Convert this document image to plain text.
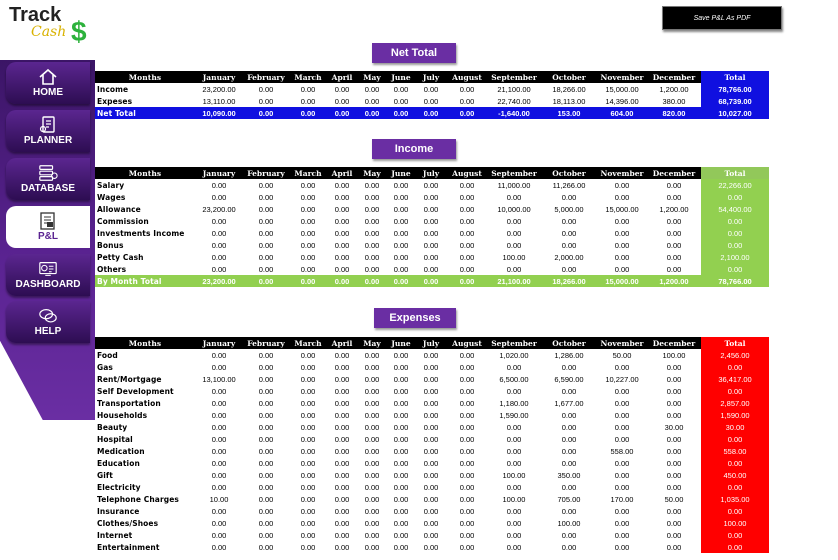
Track
Cash $	Save P&L As PDF
HOME
PLANNER
DATABASE
P&L
DASHBOARD
HELP
Net Total
Months	January	February	March	April	May	June	July	August	September	October	November	December	Total
Income	23,200.00	0.00	0.00	0.00	0.00	0.00	0.00	0.00	21,100.00	18,266.00	15,000.00	1,200.00	78,766.00
Expeses	13,110.00	0.00	0.00	0.00	0.00	0.00	0.00	0.00	22,740.00	18,113.00	14,396.00	380.00	68,739.00
Net Total	10,090.00	0.00	0.00	0.00	0.00	0.00	0.00	0.00	-1,640.00	153.00	604.00	820.00	10,027.00
Income
Months	January	February	March	April	May	June	July	August	September	October	November	December	Total
Salary	0.00	0.00	0.00	0.00	0.00	0.00	0.00	0.00	11,000.00	11,266.00	0.00	0.00	22,266.00
Wages	0.00	0.00	0.00	0.00	0.00	0.00	0.00	0.00	0.00	0.00	0.00	0.00	0.00
Allowance	23,200.00	0.00	0.00	0.00	0.00	0.00	0.00	0.00	10,000.00	5,000.00	15,000.00	1,200.00	54,400.00
Commission	0.00	0.00	0.00	0.00	0.00	0.00	0.00	0.00	0.00	0.00	0.00	0.00	0.00
Investments Income	0.00	0.00	0.00	0.00	0.00	0.00	0.00	0.00	0.00	0.00	0.00	0.00	0.00
Bonus	0.00	0.00	0.00	0.00	0.00	0.00	0.00	0.00	0.00	0.00	0.00	0.00	0.00
Petty Cash	0.00	0.00	0.00	0.00	0.00	0.00	0.00	0.00	100.00	2,000.00	0.00	0.00	2,100.00
Others	0.00	0.00	0.00	0.00	0.00	0.00	0.00	0.00	0.00	0.00	0.00	0.00	0.00
By Month Total	23,200.00	0.00	0.00	0.00	0.00	0.00	0.00	0.00	21,100.00	18,266.00	15,000.00	1,200.00	78,766.00
Expenses
Months	January	February	March	April	May	June	July	August	September	October	November	December	Total
Food	0.00	0.00	0.00	0.00	0.00	0.00	0.00	0.00	1,020.00	1,286.00	50.00	100.00	2,456.00
Gas	0.00	0.00	0.00	0.00	0.00	0.00	0.00	0.00	0.00	0.00	0.00	0.00	0.00
Rent/Mortgage	13,100.00	0.00	0.00	0.00	0.00	0.00	0.00	0.00	6,500.00	6,590.00	10,227.00	0.00	36,417.00
Self Development	0.00	0.00	0.00	0.00	0.00	0.00	0.00	0.00	0.00	0.00	0.00	0.00	0.00
Transportation	0.00	0.00	0.00	0.00	0.00	0.00	0.00	0.00	1,180.00	1,677.00	0.00	0.00	2,857.00
Households	0.00	0.00	0.00	0.00	0.00	0.00	0.00	0.00	1,590.00	0.00	0.00	0.00	1,590.00
Beauty	0.00	0.00	0.00	0.00	0.00	0.00	0.00	0.00	0.00	0.00	0.00	30.00	30.00
Hospital	0.00	0.00	0.00	0.00	0.00	0.00	0.00	0.00	0.00	0.00	0.00	0.00	0.00
Medication	0.00	0.00	0.00	0.00	0.00	0.00	0.00	0.00	0.00	0.00	558.00	0.00	558.00
Education	0.00	0.00	0.00	0.00	0.00	0.00	0.00	0.00	0.00	0.00	0.00	0.00	0.00
Gift	0.00	0.00	0.00	0.00	0.00	0.00	0.00	0.00	100.00	350.00	0.00	0.00	450.00
Electricity	0.00	0.00	0.00	0.00	0.00	0.00	0.00	0.00	0.00	0.00	0.00	0.00	0.00
Telephone Charges	10.00	0.00	0.00	0.00	0.00	0.00	0.00	0.00	100.00	705.00	170.00	50.00	1,035.00
Insurance	0.00	0.00	0.00	0.00	0.00	0.00	0.00	0.00	0.00	0.00	0.00	0.00	0.00
Clothes/Shoes	0.00	0.00	0.00	0.00	0.00	0.00	0.00	0.00	0.00	100.00	0.00	0.00	100.00
Internet	0.00	0.00	0.00	0.00	0.00	0.00	0.00	0.00	0.00	0.00	0.00	0.00	0.00
Entertainment	0.00	0.00	0.00	0.00	0.00	0.00	0.00	0.00	0.00	0.00	0.00	0.00	0.00
